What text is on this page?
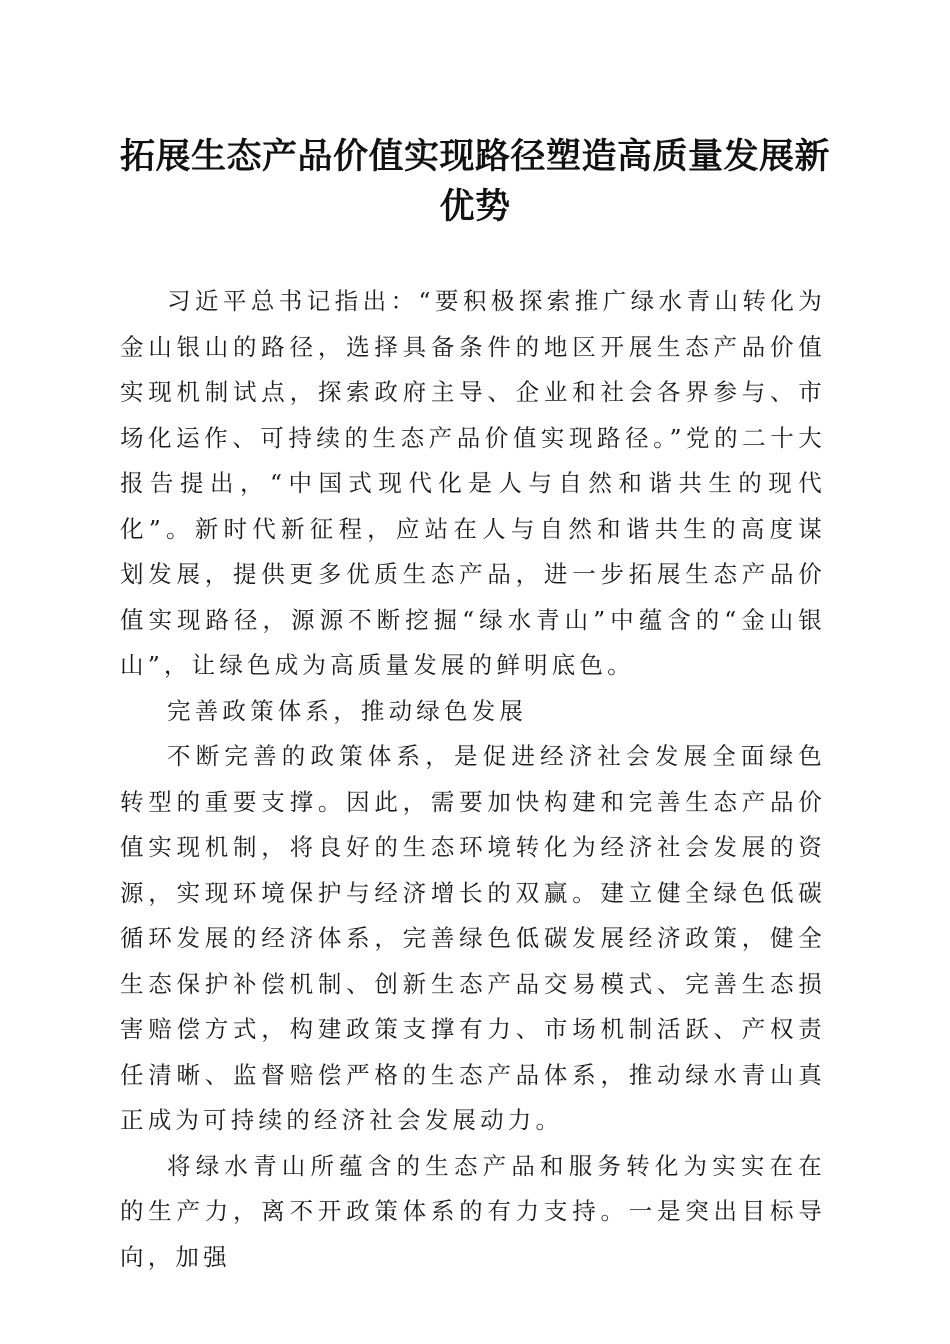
拓展生态产品价值实现路径塑造高质量发展新优势

习近平总书记指出：“要积极探索推广绿水青山转化为金山银山的路径，选择具备条件的地区开展生态产品价值实现机制试点，探索政府主导、企业和社会各界参与、市场化运作、可持续的生态产品价值实现路径。”党的二十大报告提出，“中国式现代化是人与自然和谐共生的现代化”。新时代新征程，应站在人与自然和谐共生的高度谋划发展，提供更多优质生态产品，进一步拓展生态产品价值实现路径，源源不断挖掘“绿水青山”中蕴含的“金山银山”，让绿色成为高质量发展的鲜明底色。

完善政策体系，推动绿色发展

不断完善的政策体系，是促进经济社会发展全面绿色转型的重要支撑。因此，需要加快构建和完善生态产品价值实现机制，将良好的生态环境转化为经济社会发展的资源，实现环境保护与经济增长的双赢。建立健全绿色低碳循环发展的经济体系，完善绿色低碳发展经济政策，健全生态保护补偿机制、创新生态产品交易模式、完善生态损害赔偿方式，构建政策支撑有力、市场机制活跃、产权责任清晰、监督赔偿严格的生态产品体系，推动绿水青山真正成为可持续的经济社会发展动力。

将绿水青山所蕴含的生态产品和服务转化为实实在在的生产力，离不开政策体系的有力支持。一是突出目标导向，加强
